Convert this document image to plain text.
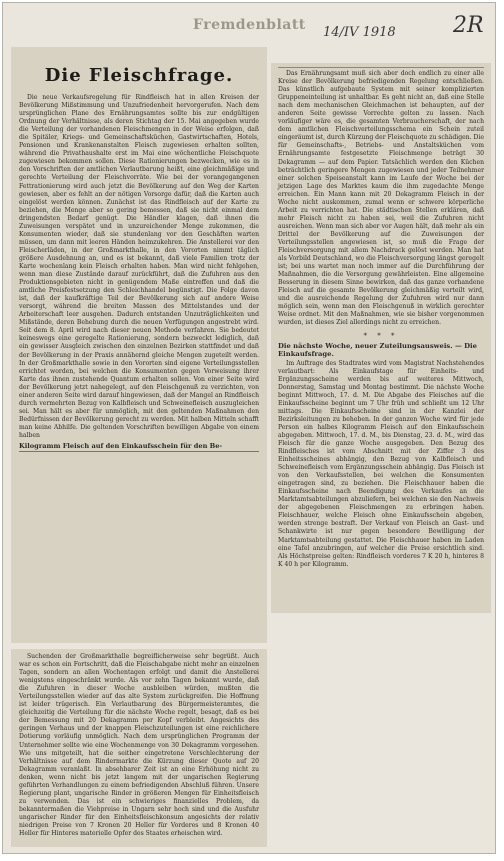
Fremdenblatt 14/IV 1918	2R
Die Fleischfrage.

Die neue Verkaufsregelung für Rindfleisch hat in allen Kreisen der Bevölkerung Mißstimmung und Unzufriedenheit hervorgerufen. Nach dem ursprünglichen Plane des Ernährungsamtes sollte bis zur endgültigen Ordnung der Verhältnisse, als deren Stichtag der 15. Mai angegeben wurde die Verteilung der vorhandenen Fleischmengen in der Weise erfolgen, daß die Spitäler, Kriegs- und Gemeinschaftsküchen, Gastwirtschaften, Hotels, Pensionen und Krankenanstalten Fleisch zugewiesen erhalten sollten, während die Privathaushalte erst im Mai eine wöchentliche Fleischquote zugewiesen bekommen sollen. Diese Rationierungen bezwecken, wie es in den Vorschriften der amtlichen Verlautbarung heißt, eine gleichmäßige und gerechte Verteilung der Fleischvorräte. Wie bei der vorangegangenen Fettrationierung wird auch jetzt die Bevölkerung auf den Weg der Karten gewiesen, aber es fehlt an der nötigen Vorsorge dafür, daß die Karten auch eingelöst werden können. Zunächst ist das Rindfleisch auf der Karte zu beziehen, die Menge aber so gering bemessen, daß sie nicht einmal dem dringendsten Bedarf genügt. Die Händler klagen, daß ihnen die Zuweisungen verspätet und in unzureichender Menge zukommen, die Konsumenten wieder, daß sie stundenlang vor den Geschäften warten müssen, um dann mit leeren Händen heimzukehren. Die Anstellerei vor den Fleischerläden, in der Großmarkthalle, in den Vororten nimmt täglich größere Ausdehnung an, und es ist bekannt, daß viele Familien trotz der Karte wochenlang kein Fleisch erhalten haben. Man wird nicht fehlgehen, wenn man diese Zustände darauf zurückführt, daß die Zufuhren aus den Produktionsgebieten nicht in genügendem Maße eintreffen und daß die amtliche Preisfestsetzung den Schleichhandel begünstigt. Die Folge davon ist, daß der kaufkräftige Teil der Bevölkerung sich auf andere Weise versorgt, während die breiten Massen des Mittelstandes und der Arbeiterschaft leer ausgehen. Dadurch entstanden Unzuträglichkeiten und Mißstände, deren Behebung durch die neuen Verfügungen angestrebt wird. Seit dem 8. April wird nach dieser neuen Methode verfahren. Sie bedeutet keineswegs eine geregelte Rationierung, sondern bezweckt lediglich, daß ein gewisser Ausgleich zwischen den einzelnen Bezirken stattfindet und daß der Bevölkerung in der Praxis annähernd gleiche Mengen zugeteilt werden. In der Großmarkthalle sowie in den Vororten sind eigene Verteilungsstellen errichtet worden, bei welchen die Konsumenten gegen Vorweisung ihrer Karte das ihnen zustehende Quantum erhalten sollen. Von einer Seite wird der Bevölkerung jetzt nahegelegt, auf den Fleischgenuß zu verzichten, von einer anderen Seite wird darauf hingewiesen, daß der Mangel an Rindfleisch durch vermehrten Bezug von Kalbfleisch und Schweinefleisch auszugleichen sei. Man hält es aber für unmöglich, mit den geltenden Maßnahmen den Bedürfnissen der Bevölkerung gerecht zu werden. Mit halben Mitteln schafft man keine Abhilfe. Die geltenden Vorschriften bewilligen Abgabe von einem halben

Kilogramm Fleisch auf den Einkaufsschein für den Be-

Das Ernährungsamt muß sich aber doch endlich zu einer alle Kreise der Bevölkerung befriedigenden Regelung entschließen. Das künstlich aufgebaute System mit seiner komplizierten Gruppeneinteilung ist unhaltbar. Es geht nicht an, daß eine Stelle nach dem mechanischen Gleichmachen ist behaupten, auf der anderen Seite gewisse Vorrechte gelten zu lassen. Nach vorläufiger wäre es, die gesamten Verbraucherschaft, der nach dem amtlichen Fleischverteilungsschema ein Schein zuteil eingeräumt ist, durch Kürzung der Fleischquote zu schädigen. Die für Gemeinschafts-, Betriebs- und Anstaltsküchen vom Ernährungsamte festgesetzte Fleischmenge beträgt 30 Dekagramm — auf dem Papier. Tatsächlich werden den Küchen beträchtlich geringere Mengen zugewiesen und jeder Teilnehmer einer solchen Speiseanstalt kann im Laufe der Woche bei der jetzigen Lage des Marktes kaum die ihm zugedachte Menge erreichen. Ein Mann kann mit 20 Dekagramm Fleisch in der Woche nicht auskommen, zumal wenn er schwere körperliche Arbeit zu verrichten hat. Die städtischen Stellen erklären, daß mehr Fleisch nicht zu haben sei, weil die Zufuhren nicht ausreichen. Wenn man sich aber vor Augen hält, daß mehr als ein Drittel der Bevölkerung auf die Zuweisungen der Verteilungsstellen angewiesen ist, so muß die Frage der Fleischversorgung mit allem Nachdruck gelöst werden. Man hat als Vorbild Deutschland, wo die Fleischversorgung längst geregelt ist; bei uns wartet man noch immer auf die Durchführung der Maßnahmen, die die Versorgung gewährleisten. Eine allgemeine Besserung in diesem Sinne bewirken, daß das ganze vorhandene Fleisch auf die gesamte Bevölkerung gleichmäßig verteilt wird, und die ausreichende Regelung der Zufuhren wird nur dann möglich sein, wenn man den Fleischgenuß in wirklich gerechter Weise ordnet. Mit den Maßnahmen, wie sie bisher vorgenommen wurden, ist dieses Ziel allerdings nicht zu erreichen.

* * *
Die nächste Woche, neuer Zuteilungsausweis. — Die Einkaufsfrage.

Im Auftrage des Stadtrates wird vom Magistrat Nachstehendes verlautbart: Als Einkaufstage für Einheits- und Ergänzungsscheine werden bis auf weiteres Mittwoch, Donnerstag, Samstag und Montag bestimmt. Die nächste Woche beginnt Mittwoch, 17. d. M. Die Abgabe des Fleisches auf die Einkaufsscheine beginnt um 7 Uhr früh und schließt um 12 Uhr mittags. Die Einkaufsscheine sind in der Kanzlei der Bezirksleitungen zu beheben. In der ganzen Woche wird für jede Person ein halbes Kilogramm Fleisch auf den Einkaufsschein abgegeben. Mittwoch, 17. d. M., bis Dienstag, 23. d. M., wird das Fleisch für die ganze Woche ausgegeben. Den Bezug des Rindfleisches ist vom Abschnitt mit der Ziffer 3 des Einheitsscheines abhängig, den Bezug von Kalbfleisch und Schweinefleisch vom Ergänzungsschein abhängig. Das Fleisch ist von den Verkaufsstellen, bei welchen die Konsumenten eingetragen sind, zu beziehen. Die Fleischhauer haben die Einkaufsscheine nach Beendigung des Verkaufes an die Marktamtsabteilungen abzuliefern, bei welchen sie den Nachweis der abgegebenen Fleischmengen zu erbringen haben. Fleischhauer, welche Fleisch ohne Einkaufsschein abgeben, werden strenge bestraft. Der Verkauf von Fleisch an Gast- und Schankwirte ist nur gegen besondere Bewilligung der Marktamtsabteilung gestattet. Die Fleischhauer haben im Laden eine Tafel anzubringen, auf welcher die Preise ersichtlich sind. Als Höchstpreise gelten: Rindfleisch vorderes 7 K 20 h, hinteres 8 K 40 h per Kilogramm.

Suchenden der Großmarkthalle begreiflicherweise sehr begrüßt. Auch war es schon ein Fortschritt, daß die Fleischabgabe nicht mehr an einzelnen Tagen, sondern an allen Wochentagen erfolgt und damit die Anstellerei wenigstens eingeschränkt wurde. Als vor zehn Tagen bekannt wurde, daß die Zufuhren in dieser Woche ausbleiben würden, mußten die Verteilungsstellen wieder auf das alte System zurückgreifen. Die Hoffnung ist leider trügerisch. Ein Verlautbarung des Bürgermeisteramtes, die gleichzeitig die Verteilung für die nächste Woche regelt, besagt, daß es bei der Bemessung mit 20 Dekagramm per Kopf verbleibt. Angesichts des geringen Verhaus und der knappen Fleischzuteilungen ist eine reichlichere Dotierung vorläufig unmöglich. Nach dem ursprünglichen Programm der Unternehmer sollte wie eine Wochenmenge von 30 Dekagramm vorgesehen. Wie uns mitgeteilt, hat die seither eingetretene Verschlechterung der Verhältnisse auf dem Rindermarkte die Kürzung dieser Quote auf 20 Dekagramm veranlaßt. In absehbarer Zeit ist an eine Erhöhung nicht zu denken, wenn nicht bis jetzt langem mit der ungarischen Regierung geführten Verhandlungen zu einem befriedigenden Abschluß führen. Unsere Regierung plant, ungarische Rinder in größeren Mengen für Einheitsfleisch zu verwenden. Das ist ein schwieriges finanzielles Problem, da bekanntermaßen die Viehpreise in Ungarn sehr hoch sind und die Ausfuhr ungarischer Rinder für den Einheitsfleischkonsum angesichts der relativ niedrigen Preise von 7 Kronen 20 Heller für Vorderes und 8 Kronen 40 Heller für Hinteres materielle Opfer des Staates erheischen wird.
